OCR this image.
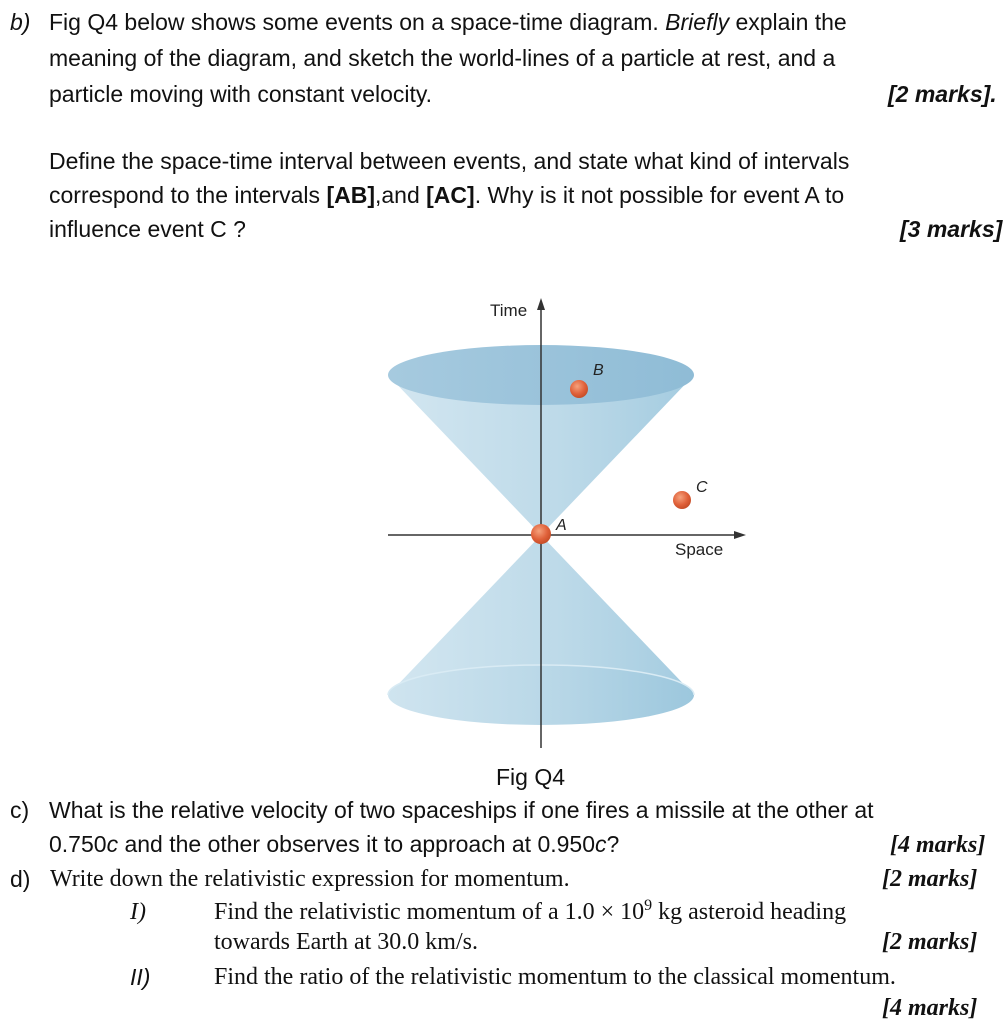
b) Fig Q4 below shows some events on a space-time diagram. Briefly explain the
meaning of the diagram, and sketch the world-lines of a particle at rest, and a
particle moving with constant velocity.	[2 marks].
Define the space-time interval between events, and state what kind of intervals
correspond to the intervals [AB],and [AC]. Why is it not possible for event A to
influence event C ?	[3 marks]
Time
Space
B
C
A
Fig Q4
c) What is the relative velocity of two spaceships if one fires a missile at the other at
0.750c and the other observes it to approach at 0.950c?	[4 marks]
d) Write down the relativistic expression for momentum.	[2 marks]
I)	Find the relativistic momentum of a $1.0 \times 10^9$ kg asteroid heading
towards Earth at 30.0 km/s.	[2 marks]
II)	Find the ratio of the relativistic momentum to the classical momentum.
[4 marks]
